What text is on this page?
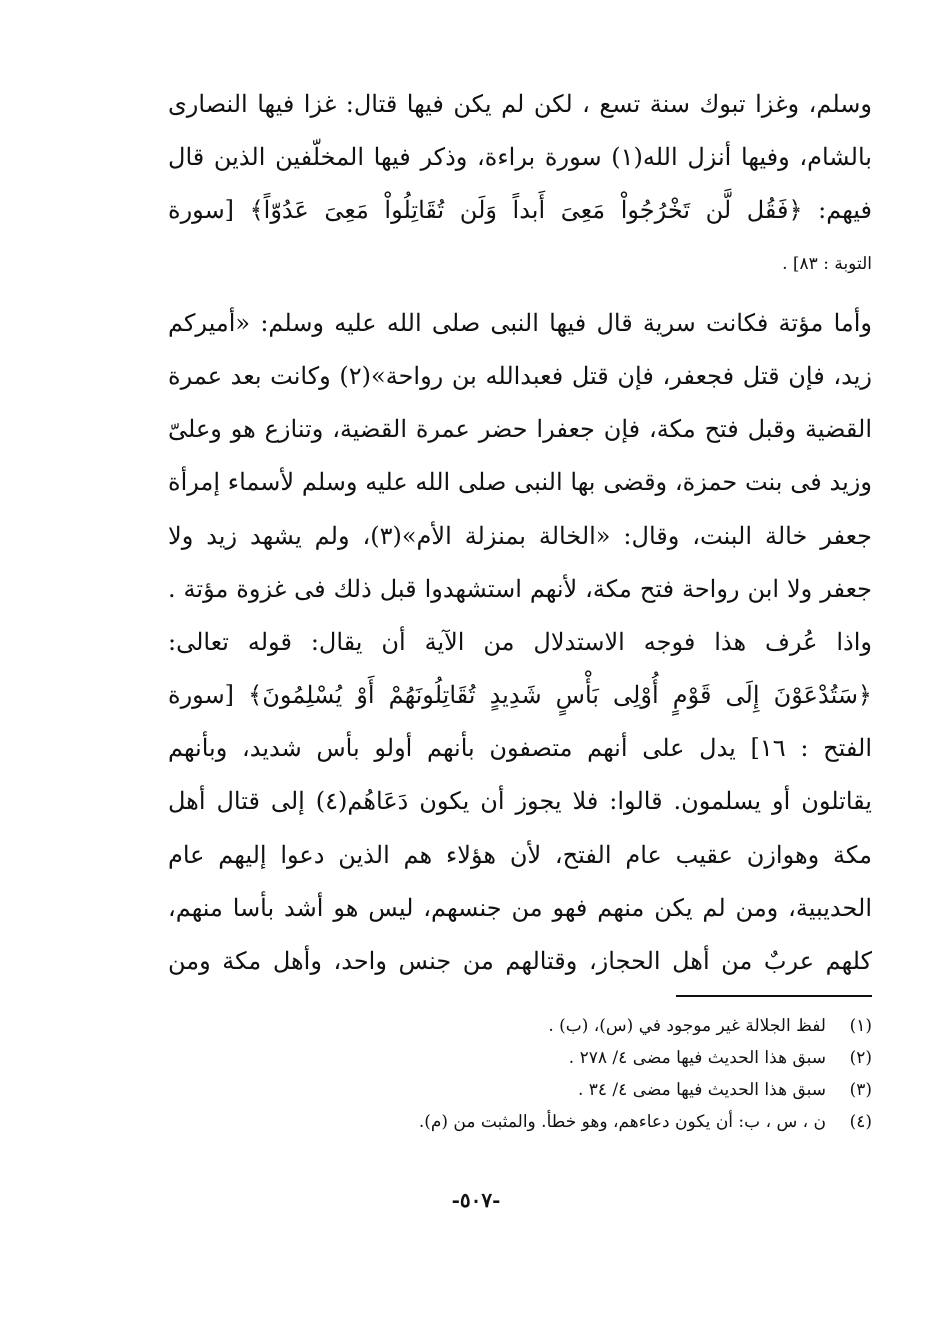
وسلم، وغزا تبوك سنة تسع ، لكن لم يكن فيها قتال: غزا فيها النصارى
بالشام، وفيها أنزل الله(١) سورة براءة، وذكر فيها المخلّفين الذين قال
فيهم: ﴿فَقُل لَّن تَخْرُجُواْ مَعِىَ أَبداً وَلَن تُقَاتِلُواْ مَعِىَ عَدُوّاً﴾ [سورة
التوبة : ٨٣] .
وأما مؤتة فكانت سرية قال فيها النبى صلى الله عليه وسلم: «أميركم
زيد، فإن قتل فجعفر، فإن قتل فعبدالله بن رواحة»(٢) وكانت بعد عمرة
القضية وقبل فتح مكة، فإن جعفرا حضر عمرة القضية، وتنازع هو وعلىّ
وزيد فى بنت حمزة، وقضى بها النبى صلى الله عليه وسلم لأسماء إمرأة
جعفر خالة البنت، وقال: «الخالة بمنزلة الأم»(٣)، ولم يشهد زيد ولا
جعفر ولا ابن رواحة فتح مكة، لأنهم استشهدوا قبل ذلك فى غزوة مؤتة .
واذا عُرف هذا فوجه الاستدلال من الآية أن يقال: قوله تعالى:
﴿سَتُدْعَوْنَ إِلَى قَوْمٍ أُوْلِى بَأْسٍ شَدِيدٍ تُقَاتِلُونَهُمْ أَوْ يُسْلِمُونَ﴾ [سورة
الفتح : ١٦] يدل على أنهم متصفون بأنهم أولو بأس شديد، وبأنهم
يقاتلون أو يسلمون. قالوا: فلا يجوز أن يكون دَعَاهُم(٤) إلى قتال أهل
مكة وهوازن عقيب عام الفتح، لأن هؤلاء هم الذين دعوا إليهم عام
الحديبية، ومن لم يكن منهم فهو من جنسهم، ليس هو أشد بأسا منهم،
كلهم عربٌ من أهل الحجاز، وقتالهم من جنس واحد، وأهل مكة ومن
(١)لفظ الجلالة غير موجود في (س)، (ب) .
(٢)سبق هذا الحديث فيها مضى ٤/ ٢٧٨ .
(٣)سبق هذا الحديث فيها مضى ٤/ ٣٤ .
(٤)ن ، س ، ب: أن يكون دعاءهم، وهو خطأ. والمثبت من (م).
-٥٠٧-
